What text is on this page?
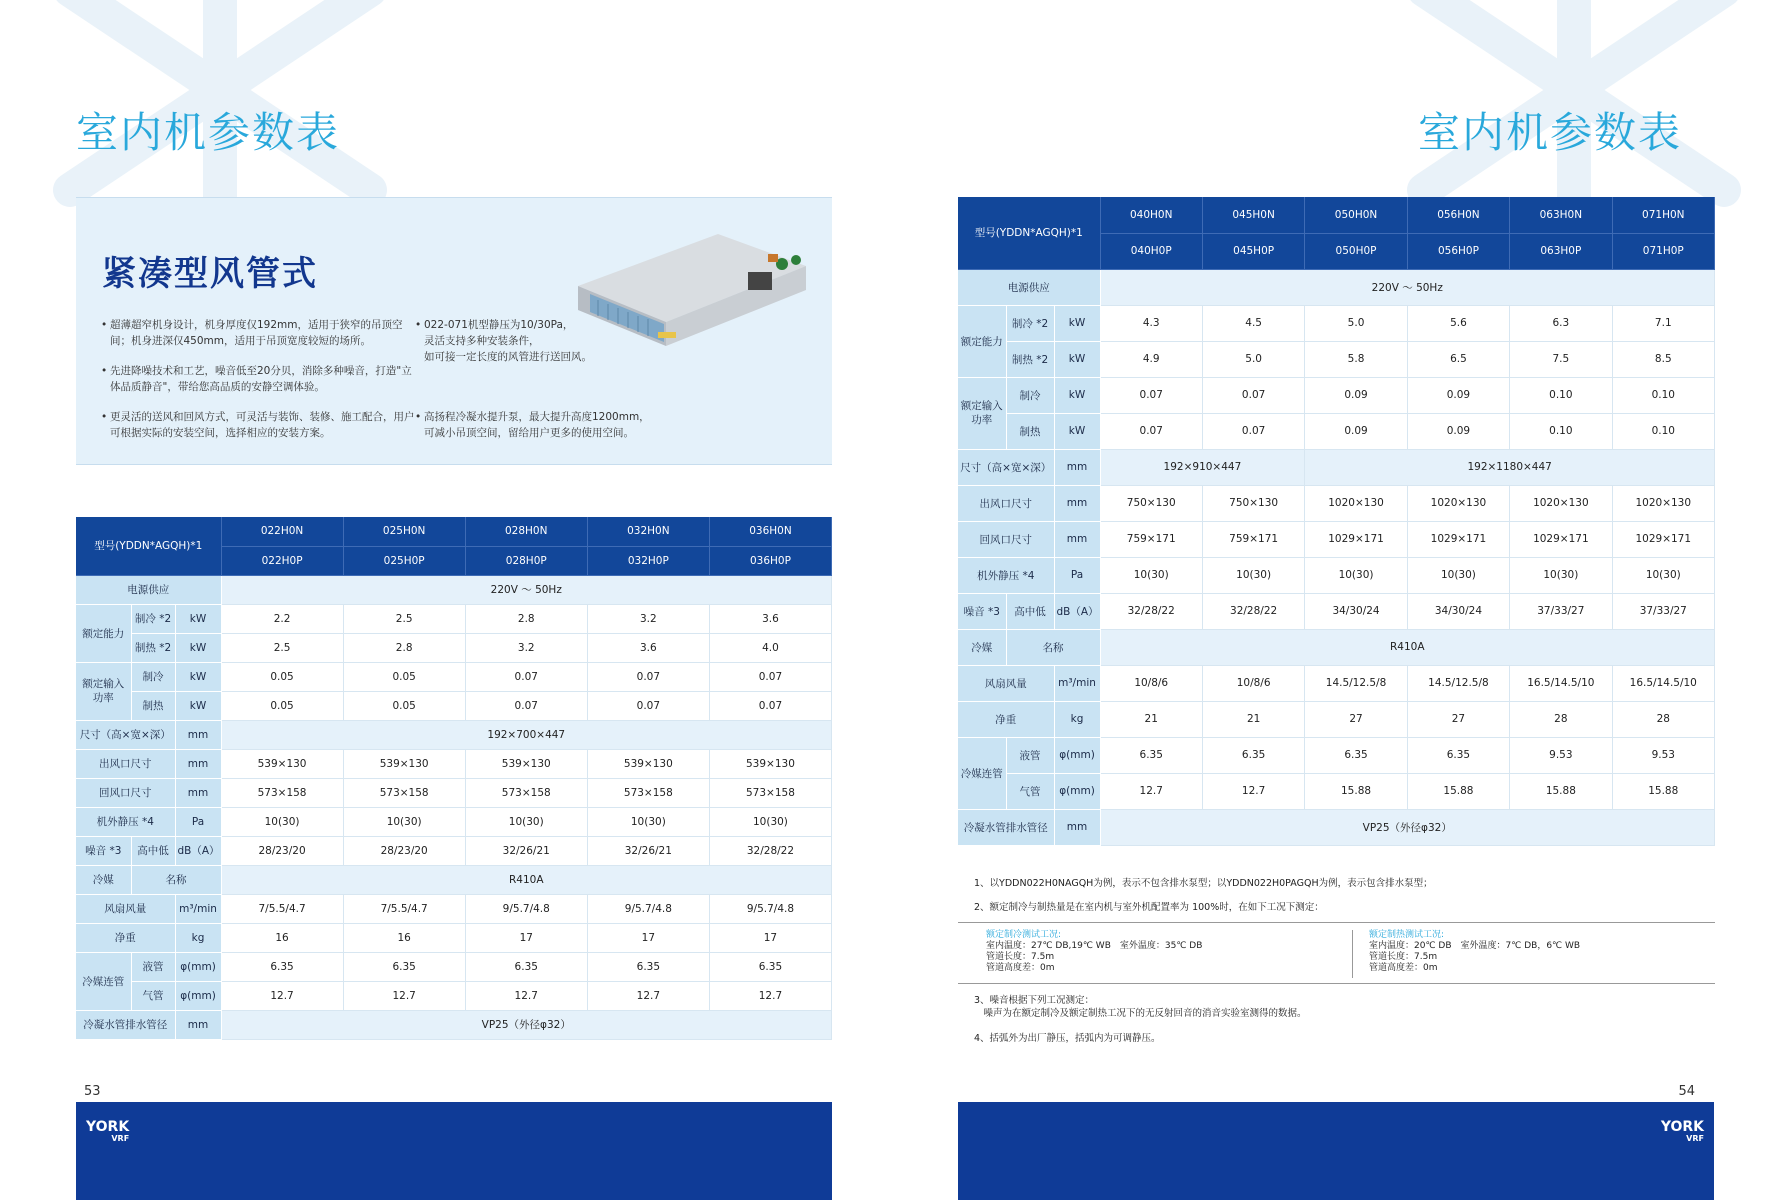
室内机参数表
紧凑型风管式
• 超薄超窄机身设计，机身厚度仅192mm，适用于狭窄的吊顶空
间；机身进深仅450mm，适用于吊顶宽度较短的场所。
• 先进降噪技术和工艺，噪音低至20分贝，消除多种噪音，打造"立
体品质静音"，带给您高品质的安静空调体验。
• 更灵活的送风和回风方式，可灵活与装饰、装修、施工配合，用户
可根据实际的安装空间，选择相应的安装方案。
• 022-071机型静压为10/30Pa，
灵活支持多种安装条件，
如可接一定长度的风管进行送回风。
• 高扬程冷凝水提升泵，最大提升高度1200mm，
可减小吊顶空间，留给用户更多的使用空间。
型号(YDDN*AGQH)*1			022H0N	025H0N	028H0N	032H0N	036H0N
			022H0P	025H0P	028H0P	032H0P	036H0P
电源供应			220V ～ 50Hz				
额定能力	制冷 *2	kW	2.2	2.5	2.8	3.2	3.6
	制热 *2	kW	2.5	2.8	3.2	3.6	4.0
额定输入
功率	制冷	kW	0.05	0.05	0.07	0.07	0.07
	制热	kW	0.05	0.05	0.07	0.07	0.07
尺寸（高×宽×深）		mm	192×700×447				
出风口尺寸		mm	539×130	539×130	539×130	539×130	539×130
回风口尺寸		mm	573×158	573×158	573×158	573×158	573×158
机外静压 *4		Pa	10(30)	10(30)	10(30)	10(30)	10(30)
噪音 *3	高中低	dB（A）	28/23/20	28/23/20	32/26/21	32/26/21	32/28/22
冷媒	名称		R410A				
风扇风量		m³/min	7/5.5/4.7	7/5.5/4.7	9/5.7/4.8	9/5.7/4.8	9/5.7/4.8
净重		kg	16	16	17	17	17
冷媒连管	液管	φ(mm)	6.35	6.35	6.35	6.35	6.35
	气管	φ(mm)	12.7	12.7	12.7	12.7	12.7
冷凝水管排水管径		mm	VP25（外径φ32）				
53
YORK
VRF
室内机参数表
54
YORK
VRF
型号(YDDN*AGQH)*1			040H0N	045H0N	050H0N	056H0N	063H0N	071H0N
			040H0P	045H0P	050H0P	056H0P	063H0P	071H0P
电源供应			220V ～ 50Hz					
额定能力	制冷 *2	kW	4.3	4.5	5.0	5.6	6.3	7.1
	制热 *2	kW	4.9	5.0	5.8	6.5	7.5	8.5
额定输入
功率	制冷	kW	0.07	0.07	0.09	0.09	0.10	0.10
	制热	kW	0.07	0.07	0.09	0.09	0.10	0.10
尺寸（高×宽×深）		mm	192×910×447		192×1180×447			
出风口尺寸		mm	750×130	750×130	1020×130	1020×130	1020×130	1020×130
回风口尺寸		mm	759×171	759×171	1029×171	1029×171	1029×171	1029×171
机外静压 *4		Pa	10(30)	10(30)	10(30)	10(30)	10(30)	10(30)
噪音 *3	高中低	dB（A）	32/28/22	32/28/22	34/30/24	34/30/24	37/33/27	37/33/27
冷媒	名称		R410A					
风扇风量		m³/min	10/8/6	10/8/6	14.5/12.5/8	14.5/12.5/8	16.5/14.5/10	16.5/14.5/10
净重		kg	21	21	27	27	28	28
冷媒连管	液管	φ(mm)	6.35	6.35	6.35	6.35	9.53	9.53
	气管	φ(mm)	12.7	12.7	15.88	15.88	15.88	15.88
冷凝水管排水管径		mm	VP25（外径φ32）					
1、以YDDN022H0NAGQH为例，表示不包含排水泵型；以YDDN022H0PAGQH为例，表示包含排水泵型；
2、额定制冷与制热量是在室内机与室外机配置率为 100%时，在如下工况下测定：
额定制冷测试工况:
室内温度：27℃ DB,19℃ WB　室外温度：35℃ DB
管道长度：7.5m
管道高度差：0m
额定制热测试工况:
室内温度：20℃ DB　室外温度：7℃ DB，6℃ WB
管道长度：7.5m
管道高度差：0m
3、噪音根据下列工况测定：
　噪声为在额定制冷及额定制热工况下的无反射回音的消音实验室测得的数据。
4、括弧外为出厂静压，括弧内为可调静压。
